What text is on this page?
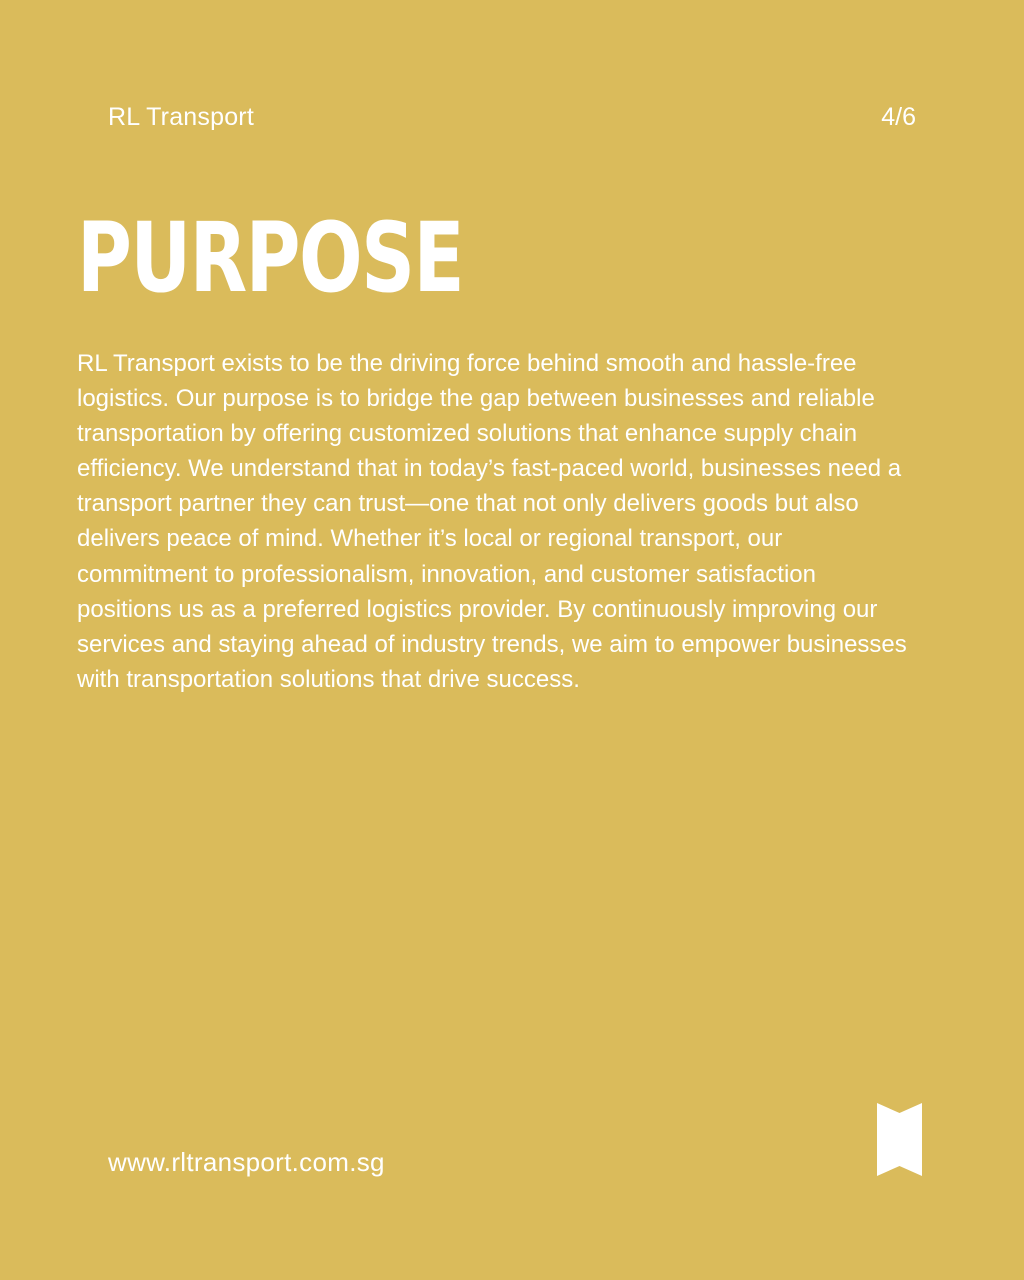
RL Transport	4/6
PURPOSE

RL Transport exists to be the driving force behind smooth and hassle-free logistics. Our purpose is to bridge the gap between businesses and reliable transportation by offering customized solutions that enhance supply chain efficiency. We understand that in today’s fast-paced world, businesses need a transport partner they can trust—one that not only delivers goods but also delivers peace of mind. Whether it’s local or regional transport, our commitment to professionalism, innovation, and customer satisfaction positions us as a preferred logistics provider. By continuously improving our services and staying ahead of industry trends, we aim to empower businesses with transportation solutions that drive success.

www.rltransport.com.sg
